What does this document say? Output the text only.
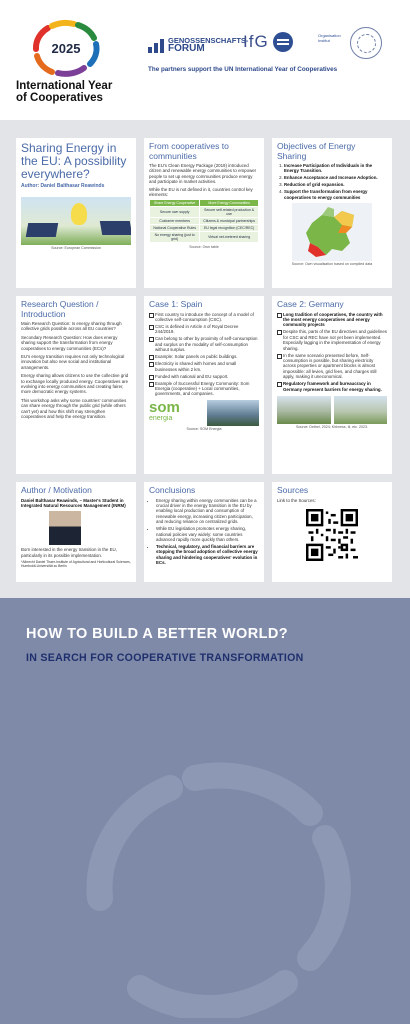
2025
International Year
of Cooperatives
GENOSSENSCHAFTS-
FORUM	IfG	Organisation Institut
The partners support the UN International Year of Cooperatives
Sharing Energy in the EU: A possibility everywhere?
Author: Daniel Balthasar Reawinds
Source: European Commission
From cooperatives to communities

The EU's Clean Energy Package (2019) introduced citizen and renewable energy communities to empower people to set up energy communities produce energy and participate in market activities.

While the EU is not defined in it, countries control key elements:

Share Energy Cooperative	More Energy Communities
Secure own supply	Secure self-related production & use
Customer members	Citizens & municipal partnerships
National Cooperative Rules	EU legal recognition (CEC/REC)
No energy sharing (just to grid)	Virtual net-metered sharing
Source: Own table
Objectives of Energy Sharing
1. Increase Participation of Individuals in the Energy Transition.
2. Enhance Acceptance and Increase Adoption.
3. Reduction of grid expansion.
4. Support the transformation from energy cooperatives to energy communities
Source: Own visualisation based on compiled data
Research Question / Introduction

Main Research Question: Is energy sharing through collective grids possible across all EU countries?

Secondary Research Question: How does energy sharing support the transformation from energy cooperatives to energy communities (ECs)?

EU's energy transition requires not only technological innovation but also new social and institutional arrangements.

Energy sharing allows citizens to use the collective grid to exchange locally produced energy. Cooperatives are evolving into energy communities and creating fairer, more democratic energy systems.

This workshop asks why some countries' communities can share energy through the public grid (while others can't yet) and how this shift may strengthen cooperatives and help the energy transition.

Case 1: Spain
First country to introduce the concept of a model of collective self-consumption (CSC).
CSC is defined in Article 4 of Royal Decree 244/2019.
Can belong to other by proximity of self-consumption and surplus on the modality of self-consumption without surplus.
Example: Solar panels on public buildings.
Electricity is shared with homes and small businesses within 2 km.
Funded with national and EU support.
Example of Successful Energy Community: Som Energia (cooperative) + Local communities, governments, and companies.
som
energia
Source: SOM Energia
Case 2: Germany
Long tradition of cooperatives, the country with the most energy cooperatives and energy community projects
Despite this, parts of the EU directives and guidelines for CSC and REC have not yet been implemented. Especially lagging in the implementation of energy sharing.
In the same scenario presented before, Self-consumption is possible, but sharing electricity across properties or apartment blocks is almost impossible: all levies, grid fees, and charges still apply, making it uneconomical.
Regulatory framework and bureaucracy in Germany represent barriers for energy sharing.
Source: Dethel, 2024; Kirkness, Iii, etc. 2023.
Author / Motivation

Daniel Balthasar Reawinds, – Master's Student in Integrated Natural Resources Management (INRM)

Born interested in the energy transition in the EU, particularly in its possible implementation.

*Albrecht Daniel Thaer-Institute of Agricultural and Horticultural Sciences, Humboldt-Universität zu Berlin

Conclusions
• Energy sharing within energy communities can be a crucial driver in the energy transition in the EU by enabling local production and consumption of renewable energy, increasing citizen participation, and reducing reliance on centralized grids.
• While EU legislation promotes energy sharing, national policies vary widely: some countries advanced rapidly more quickly than others.
• Technical, regulatory, and financial barriers are stopping the broad adoption of collective energy sharing and hindering cooperatives' evolution in ECs.
Sources

Link to the Sources:

HOW TO BUILD A BETTER WORLD?
IN SEARCH FOR COOPERATIVE TRANSFORMATION
